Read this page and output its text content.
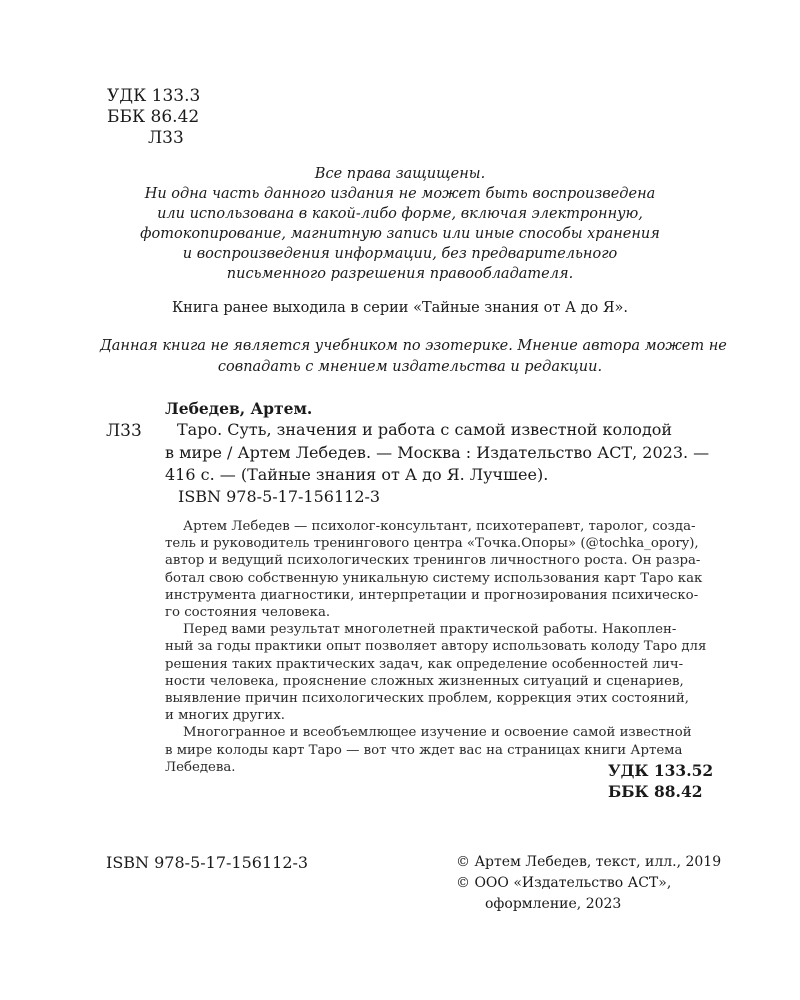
УДК 133.3
ББК 86.42
Л33
Все права защищены.
Ни одна часть данного издания не может быть воспроизведена
или использована в какой-либо форме, включая электронную,
фотокопирование, магнитную запись или иные способы хранения
и воспроизведения информации, без предварительного
письменного разрешения правообладателя.
Книга ранее выходила в серии «Тайные знания от А до Я».
Данная книга не является учебником по эзотерике. Мнение автора может не
совпадать с мнением издательства и редакции.
Лебедев, Артем.
Л33	Таро. Суть, значения и работа с самой известной колодой
в мире / Артем Лебедев. — Москва : Издательство АСТ, 2023. —
416 с. — (Тайные знания от А до Я. Лучшее).
ISBN 978-5-17-156112-3
Артем Лебедев — психолог-консультант, психотерапевт, таролог, созда-
тель и руководитель тренингового центра «Точка.Опоры» (@tochka_opory),
автор и ведущий психологических тренингов личностного роста. Он разра-
ботал свою собственную уникальную систему использования карт Таро как
инструмента диагностики, интерпретации и прогнозирования психическо-
го состояния человека.
Перед вами результат многолетней практической работы. Накоплен-
ный за годы практики опыт позволяет автору использовать колоду Таро для
решения таких практических задач, как определение особенностей лич-
ности человека, прояснение сложных жизненных ситуаций и сценариев,
выявление причин психологических проблем, коррекция этих состояний,
и многих других.
Многогранное и всеобъемлющее изучение и освоение самой известной
в мире колоды карт Таро — вот что ждет вас на страницах книги Артема
Лебедева.	УДК 133.52
ББК 88.42
ISBN 978-5-17-156112-3	© Артем Лебедев, текст, илл., 2019
© ООО «Издательство АСТ»,
оформление, 2023
